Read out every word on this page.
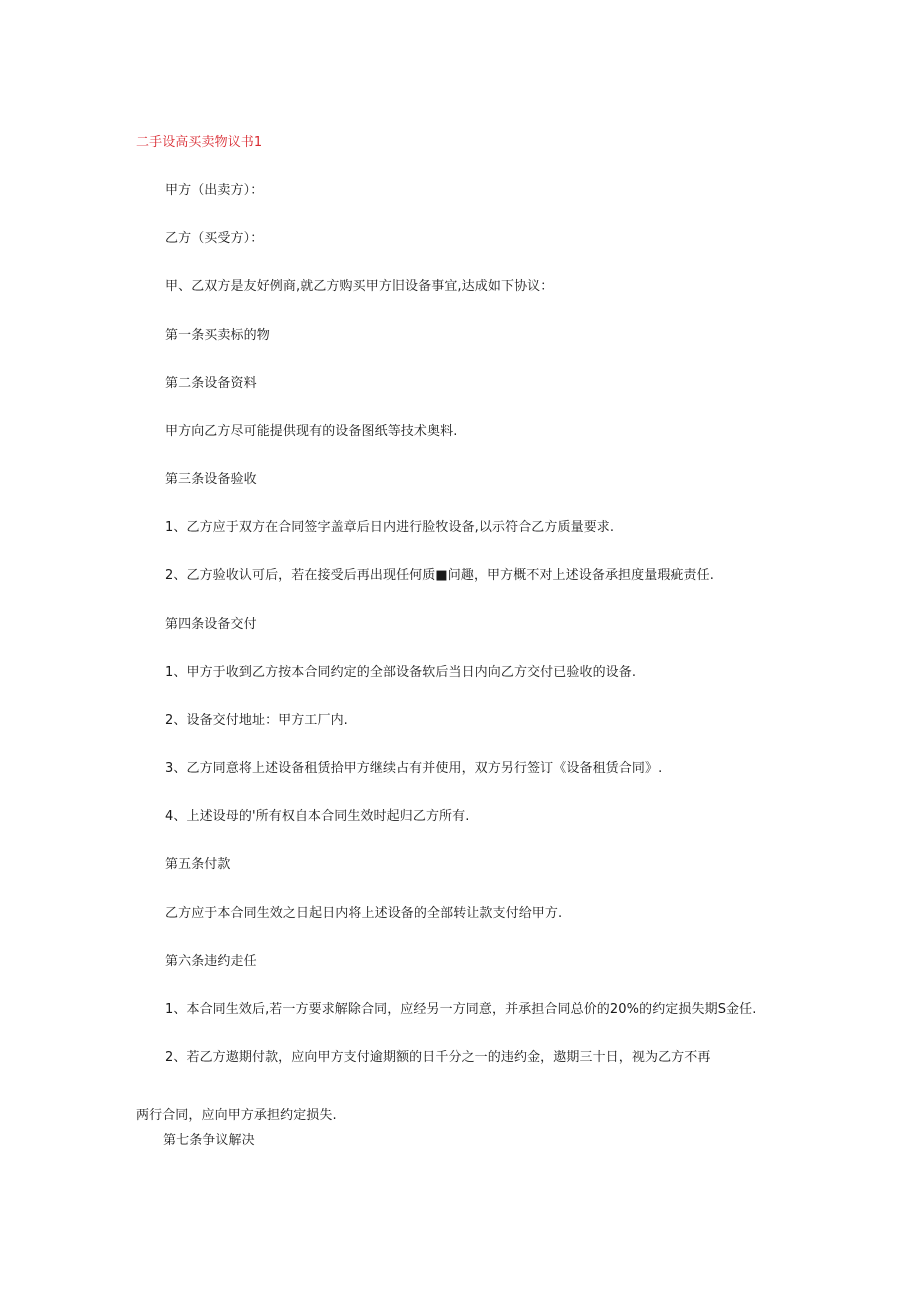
二手设高买卖物议书1
甲方（出卖方）：
乙方（买受方）：
甲、乙双方是友好例商,就乙方购买甲方旧设备事宜,达成如下协议：
第一条买卖标的物
第二条设备资料
甲方向乙方尽可能提供现有的设备图纸等技术奥料.
第三条设备验收
1、乙方应于双方在合同签字盖章后日内进行脸牧设备,以示符合乙方质量要求.
2、乙方验收认可后，若在接受后再出现任何质■问趣，甲方概不对上述设备承担度量瑕疵责任.
第四条设备交付
1、甲方于收到乙方按本合同约定的全部设备软后当日内向乙方交付已验收的设备.
2、设备交付地址：甲方工厂内.
3、乙方同意将上述设备租赁拾甲方继续占有并使用，双方另行签订《设备租赁合同》.
4、上述设母的'所有权自本合同生效时起归乙方所有.
第五条付款
乙方应于本合同生效之日起日内将上述设备的全部转让款支付给甲方.
第六条违约走任
1、本合同生效后,若一方要求解除合同，应经另一方同意，并承担合同总价的20%的约定损失期S金任.
2、若乙方遨期付款，应向甲方支付逾期额的日千分之一的违约金，遨期三十日，视为乙方不再
两行合同，应向甲方承担约定损失.
第七条争议解决
